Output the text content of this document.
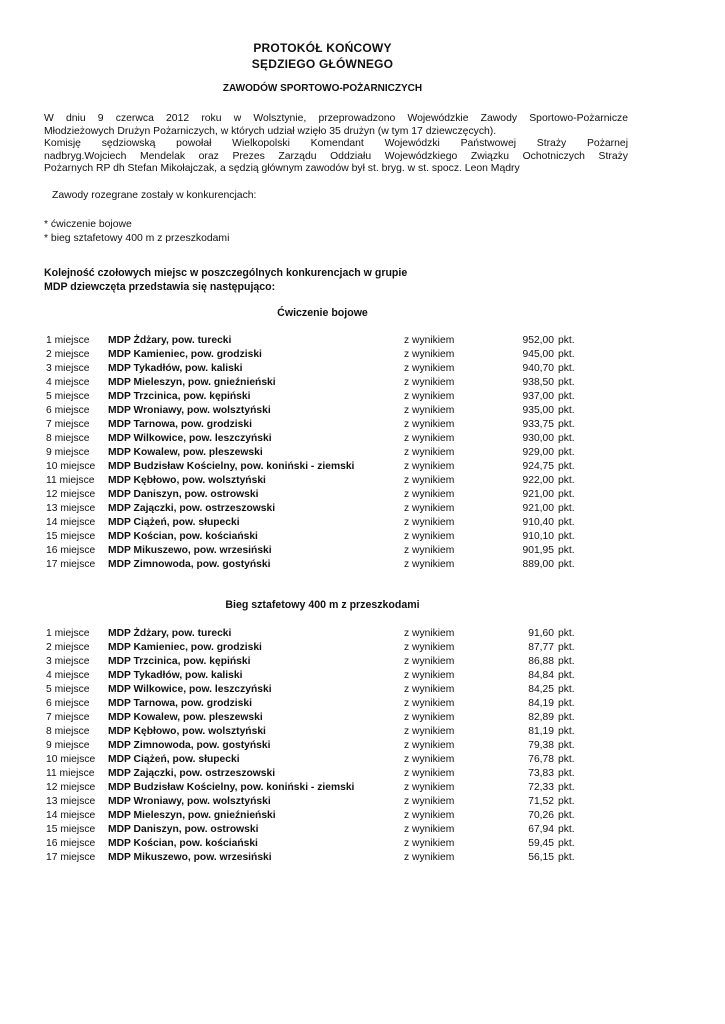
PROTOKÓŁ KOŃCOWY
SĘDZIEGO GŁÓWNEGO
ZAWODÓW SPORTOWO-POŻARNICZYCH

W dniu 9 czerwca 2012 roku w Wolsztynie, przeprowadzono Wojewódzkie Zawody Sportowo-Pożarnicze

Młodzieżowych Drużyn Pożarniczych, w których udział wzięło 35 drużyn (w tym 17 dziewczęcych).

Komisję sędziowską powołał Wielkopolski Komendant Wojewódzki Państwowej Straży Pożarnej

nadbryg.Wojciech Mendelak oraz Prezes Zarządu Oddziału Wojewódzkiego Związku Ochotniczych Straży

Pożarnych RP dh Stefan Mikołajczak, a sędzią głównym zawodów był st. bryg. w st. spocz. Leon Mądry

Zawody rozegrane zostały w konkurencjach:
* ćwiczenie bojowe
* bieg sztafetowy 400 m z przeszkodami
Kolejność czołowych miejsc w poszczególnych konkurencjach w grupie
MDP dziewczęta przedstawia się następująco:
Ćwiczenie bojowe
1 miejsce	MDP Żdżary, pow. turecki	z wynikiem	952,00	pkt.
2 miejsce	MDP Kamieniec, pow. grodziski	z wynikiem	945,00	pkt.
3 miejsce	MDP Tykadłów, pow. kaliski	z wynikiem	940,70	pkt.
4 miejsce	MDP Mieleszyn, pow. gnieźnieński	z wynikiem	938,50	pkt.
5 miejsce	MDP Trzcinica, pow. kępiński	z wynikiem	937,00	pkt.
6 miejsce	MDP Wroniawy, pow. wolsztyński	z wynikiem	935,00	pkt.
7 miejsce	MDP Tarnowa, pow. grodziski	z wynikiem	933,75	pkt.
8 miejsce	MDP Wilkowice, pow. leszczyński	z wynikiem	930,00	pkt.
9 miejsce	MDP Kowalew, pow. pleszewski	z wynikiem	929,00	pkt.
10 miejsce	MDP Budzisław Kościelny, pow. koniński - ziemski	z wynikiem	924,75	pkt.
11 miejsce	MDP Kębłowo, pow. wolsztyński	z wynikiem	922,00	pkt.
12 miejsce	MDP Daniszyn, pow. ostrowski	z wynikiem	921,00	pkt.
13 miejsce	MDP Zajączki, pow. ostrzeszowski	z wynikiem	921,00	pkt.
14 miejsce	MDP Ciążeń, pow. słupecki	z wynikiem	910,40	pkt.
15 miejsce	MDP Kościan, pow. kościański	z wynikiem	910,10	pkt.
16 miejsce	MDP Mikuszewo, pow. wrzesiński	z wynikiem	901,95	pkt.
17 miejsce	MDP Zimnowoda, pow. gostyński	z wynikiem	889,00	pkt.
Bieg sztafetowy 400 m z przeszkodami
1 miejsce	MDP Żdżary, pow. turecki	z wynikiem	91,60	pkt.
2 miejsce	MDP Kamieniec, pow. grodziski	z wynikiem	87,77	pkt.
3 miejsce	MDP Trzcinica, pow. kępiński	z wynikiem	86,88	pkt.
4 miejsce	MDP Tykadłów, pow. kaliski	z wynikiem	84,84	pkt.
5 miejsce	MDP Wilkowice, pow. leszczyński	z wynikiem	84,25	pkt.
6 miejsce	MDP Tarnowa, pow. grodziski	z wynikiem	84,19	pkt.
7 miejsce	MDP Kowalew, pow. pleszewski	z wynikiem	82,89	pkt.
8 miejsce	MDP Kębłowo, pow. wolsztyński	z wynikiem	81,19	pkt.
9 miejsce	MDP Zimnowoda, pow. gostyński	z wynikiem	79,38	pkt.
10 miejsce	MDP Ciążeń, pow. słupecki	z wynikiem	76,78	pkt.
11 miejsce	MDP Zajączki, pow. ostrzeszowski	z wynikiem	73,83	pkt.
12 miejsce	MDP Budzisław Kościelny, pow. koniński - ziemski	z wynikiem	72,33	pkt.
13 miejsce	MDP Wroniawy, pow. wolsztyński	z wynikiem	71,52	pkt.
14 miejsce	MDP Mieleszyn, pow. gnieźnieński	z wynikiem	70,26	pkt.
15 miejsce	MDP Daniszyn, pow. ostrowski	z wynikiem	67,94	pkt.
16 miejsce	MDP Kościan, pow. kościański	z wynikiem	59,45	pkt.
17 miejsce	MDP Mikuszewo, pow. wrzesiński	z wynikiem	56,15	pkt.
